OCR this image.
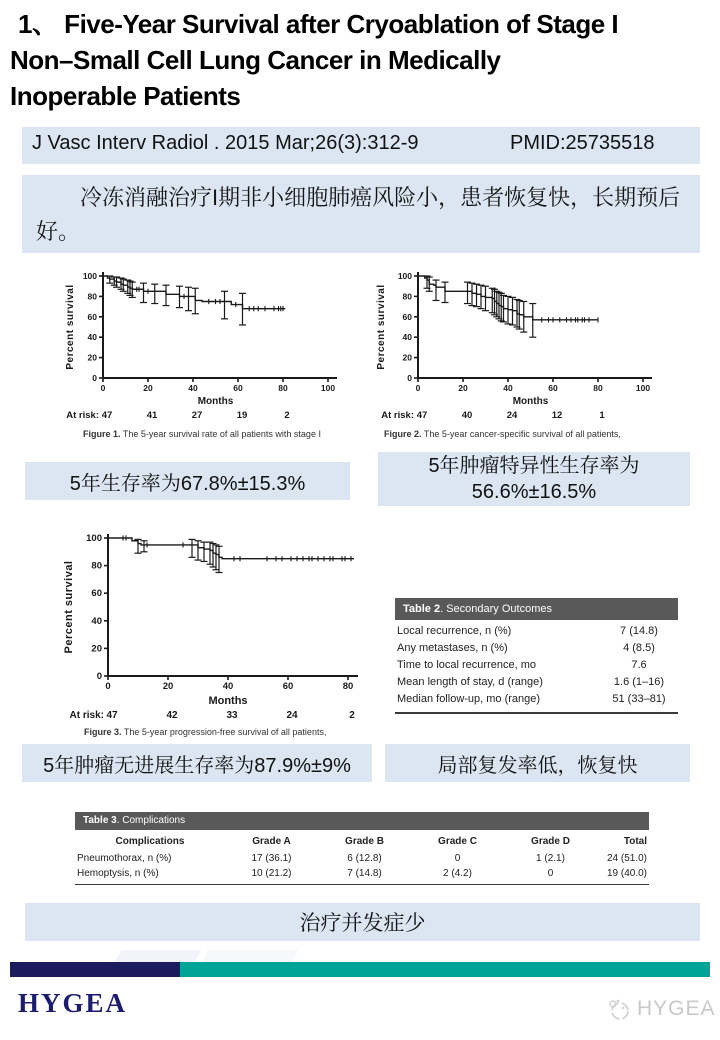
1、 Five-Year Survival after Cryoablation of Stage I
Non–Small Cell Lung Cancer in Medically
Inoperable Patients
J Vasc Interv Radiol . 2015 Mar;26(3):312-9	PMID:25735518

冷冻消融治疗I期非小细胞肺癌风险小，患者恢复快，长期预后好。

0
20
40
60
80
100
0	20	40	60	80	100
Months
Percent survival
At risk: 47	41	27	19	2
Figure 1. The 5-year survival rate of all patients with stage I
0
20
40
60
80
100
0	20	40	60	80	100
Months
Percent survival
At risk: 47	40	24	12	1
Figure 2. The 5-year cancer-specific survival of all patients,
0
20
40
60
80
100
0	20	40	60	80
Months
Percent survival
At risk: 47	42	33	24	2
Figure 3. The 5-year progression-free survival of all patients,
5年生存率为67.8%±15.3%
5年肿瘤特异性生存率为
56.6%±16.5%
Table 2. Secondary Outcomes
Local recurrence, n (%)	7 (14.8)
Any metastases, n (%)	4 (8.5)
Time to local recurrence, mo	7.6
Mean length of stay, d (range)	1.6 (1–16)
Median follow-up, mo (range)	51 (33–81)
5年肿瘤无进展生存率为87.9%±9%	局部复发率低，恢复快
Table 3. Complications
Complications	Grade A	Grade B	Grade C	Grade D	Total
Pneumothorax, n (%)	17 (36.1)	6 (12.8)	0	1 (2.1)	24 (51.0)
Hemoptysis, n (%)	10 (21.2)	7 (14.8)	2 (4.2)	0	19 (40.0)
治疗并发症少
HYGEA	HYGEA
